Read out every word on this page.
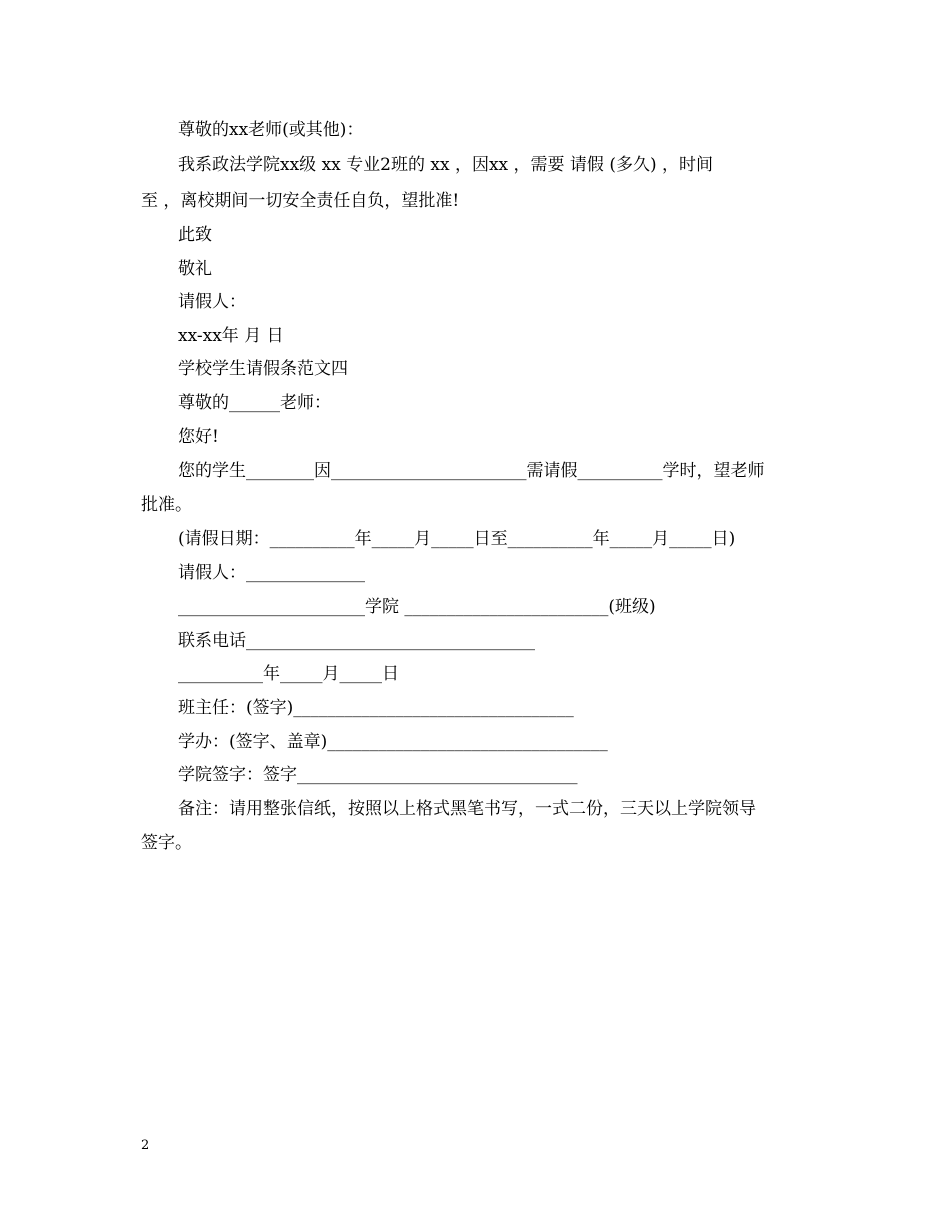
尊敬的xx老师(或其他)：
我系政法学院xx级 xx 专业2班的 xx ，因xx ，需要 请假 (多久) ，时间
至 ，离校期间一切安全责任自负，望批准!
此致
敬礼
请假人：
xx-xx年 月 日
学校学生请假条范文四
尊敬的______老师：
您好!
您的学生________因_______________________需请假__________学时，望老师
批准。
(请假日期：__________年_____月_____日至__________年_____月_____日)
请假人：______________
______________________学院 ________________________(班级)
联系电话__________________________________
__________年_____月_____日
班主任：(签字)_________________________________
学办：(签字、盖章)_________________________________
学院签字：签字_________________________________
备注：请用整张信纸，按照以上格式黑笔书写，一式二份，三天以上学院领导
签字。
2
